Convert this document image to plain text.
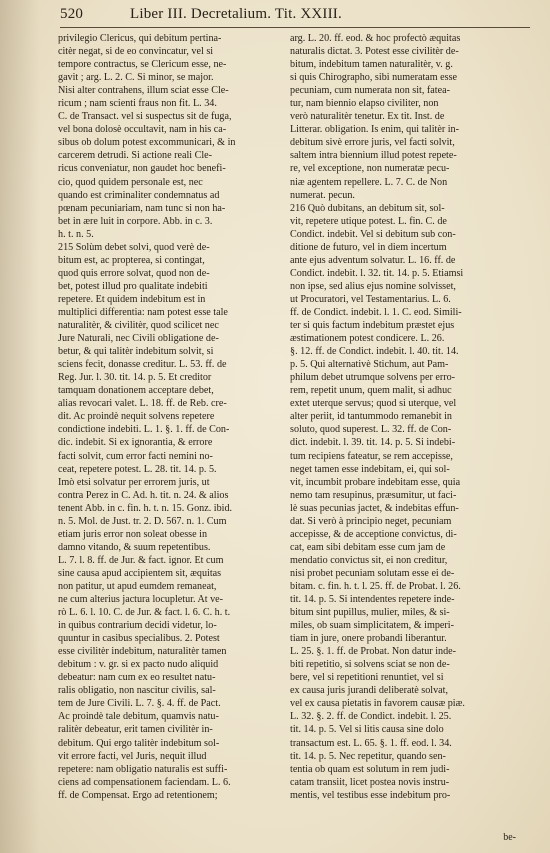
520	Liber III. Decretalium. Tit. XXIII.
privilegio Clericus, qui debitum pertina-
citèr negat, si de eo convincatur, vel si
tempore contractus, se Clericum esse, ne-
gavit ; arg. L. 2. C. Si minor, se major.
Nisi alter contrahens, illum sciat esse Cle-
ricum ; nam scienti fraus non fit. L. 34.
C. de Transact. vel si suspectus sit de fuga,
vel bona dolosè occultavit, nam in his ca-
sibus ob dolum potest excommunicari, & in
carcerem detrudi. Si actione reali Cle-
ricus conveniatur, non gaudet hoc benefi-
cio, quod quidem personale est, nec
quando est criminaliter condemnatus ad
pœnam pecuniariam, nam tunc si non ha-
bet in ære luit in corpore. Abb. in c. 3.
h. t. n. 5.
215 Solùm debet solvi, quod verè de-
bitum est, ac propterea, si contingat,
quod quis errore solvat, quod non de-
bet, potest illud pro qualitate indebiti
repetere. Et quidem indebitum est in
multiplici differentia: nam potest esse tale
naturalitèr, & civilitèr, quod scilicet nec
Jure Naturali, nec Civili obligatione de-
betur, & qui talitèr indebitum solvit, si
sciens fecit, donasse creditur. L. 53. ff. de
Reg. Jur. l. 30. tit. 14. p. 5. Et creditor
tamquam donationem acceptare debet,
alias revocari valet. L. 18. ff. de Reb. cre-
dit. Ac proindè nequit solvens repetere
condictione indebiti. L. 1. §. 1. ff. de Con-
dic. indebit. Si ex ignorantia, & errore
facti solvit, cum error facti nemini no-
ceat, repetere potest. L. 28. tit. 14. p. 5.
Imò etsi solvatur per errorem juris, ut
contra Perez in C. Ad. h. tit. n. 24. & alios
tenent Abb. in c. fin. h. t. n. 15. Gonz. ibid.
n. 5. Mol. de Just. tr. 2. D. 567. n. 1. Cum
etiam juris error non soleat obesse in
damno vitando, & suum repetentibus.
L. 7. l. 8. ff. de Jur. & fact. ignor. Et cum
sine causa apud accipientem sit, æquitas
non patitur, ut apud eumdem remaneat,
ne cum alterius jactura locupletur. At ve-
rò L. 6. l. 10. C. de Jur. & fact. l. 6. C. h. t.
in quibus contrarium decidi videtur, lo-
quuntur in casibus specialibus. 2. Potest
esse civilitèr indebitum, naturalitèr tamen
debitum : v. gr. si ex pacto nudo aliquid
debeatur: nam cum ex eo resultet natu-
ralis obligatio, non nascitur civilis, sal-
tem de Jure Civili. L. 7. §. 4. ff. de Pact.
Ac proindè tale debitum, quamvis natu-
ralitèr debeatur, erit tamen civilitèr in-
debitum. Qui ergo talitèr indebitum sol-
vit errore facti, vel Juris, nequit illud
repetere: nam obligatio naturalis est suffi-
ciens ad compensationem faciendam. L. 6.
ff. de Compensat. Ergo ad retentionem;
arg. L. 20. ff. eod. & hoc profectò æquitas
naturalis dictat. 3. Potest esse civilitèr de-
bitum, indebitum tamen naturalitèr, v. g.
si quis Chirographo, sibi numeratam esse
pecuniam, cum numerata non sit, fatea-
tur, nam biennio elapso civiliter, non
verò naturalitèr tenetur. Ex tit. Inst. de
Litterar. obligation. Is enim, qui talitèr in-
debitum sivè errore juris, vel facti solvit,
saltem intra biennium illud potest repete-
re, vel exceptione, non numeratæ pecu-
niæ agentem repellere. L. 7. C. de Non
numerat. pecun.
216 Quò dubitans, an debitum sit, sol-
vit, repetere utique potest. L. fin. C. de
Condict. indebit. Vel si debitum sub con-
ditione de futuro, vel in diem incertum
ante ejus adventum solvatur. L. 16. ff. de
Condict. indebit. l. 32. tit. 14. p. 5. Etiamsi
non ipse, sed alius ejus nomine solvisset,
ut Procuratori, vel Testamentarius. L. 6.
ff. de Condict. indebit. l. 1. C. eod. Simili-
ter si quis factum indebitum præstet ejus
æstimationem potest condicere. L. 26.
§. 12. ff. de Condict. indebit. l. 40. tit. 14.
p. 5. Qui alternativè Stichum, aut Pam-
philum debet utrumque solvens per erro-
rem, repetit unum, quem malit, si adhuc
extet uterque servus; quod si uterque, vel
alter periit, id tantummodo remanebit in
soluto, quod superest. L. 32. ff. de Con-
dict. indebit. l. 39. tit. 14. p. 5. Si indebi-
tum recipiens fateatur, se rem accepisse,
neget tamen esse indebitam, ei, qui sol-
vit, incumbit probare indebitam esse, quia
nemo tam resupinus, præsumitur, ut faci-
lè suas pecunias jactet, & indebitas effun-
dat. Si verò à principio neget, pecuniam
accepisse, & de acceptione convictus, di-
cat, eam sibi debitam esse cum jam de
mendatio convictus sit, ei non creditur,
nisi probet pecuniam solutam esse ei de-
bitam. c. fin. h. t. l. 25. ff. de Probat. l. 26.
tit. 14. p. 5. Si intendentes repetere inde-
bitum sint pupillus, mulier, miles, & si-
miles, ob suam simplicitatem, & imperi-
tiam in jure, onere probandi liberantur.
L. 25. §. 1. ff. de Probat. Non datur inde-
biti repetitio, si solvens sciat se non de-
bere, vel si repetitioni renuntiet, vel si
ex causa juris jurandi deliberatè solvat,
vel ex causa pietatis in favorem causæ piæ.
L. 32. §. 2. ff. de Condict. indebit. l. 25.
tit. 14. p. 5. Vel si litis causa sine dolo
transactum est. L. 65. §. 1. ff. eod. l. 34.
tit. 14. p. 5. Nec repetitur, quando sen-
tentia ob quam est solutum in rem judi-
catam transiit, licet postea novis instru-
mentis, vel testibus esse indebitum pro-
be-
